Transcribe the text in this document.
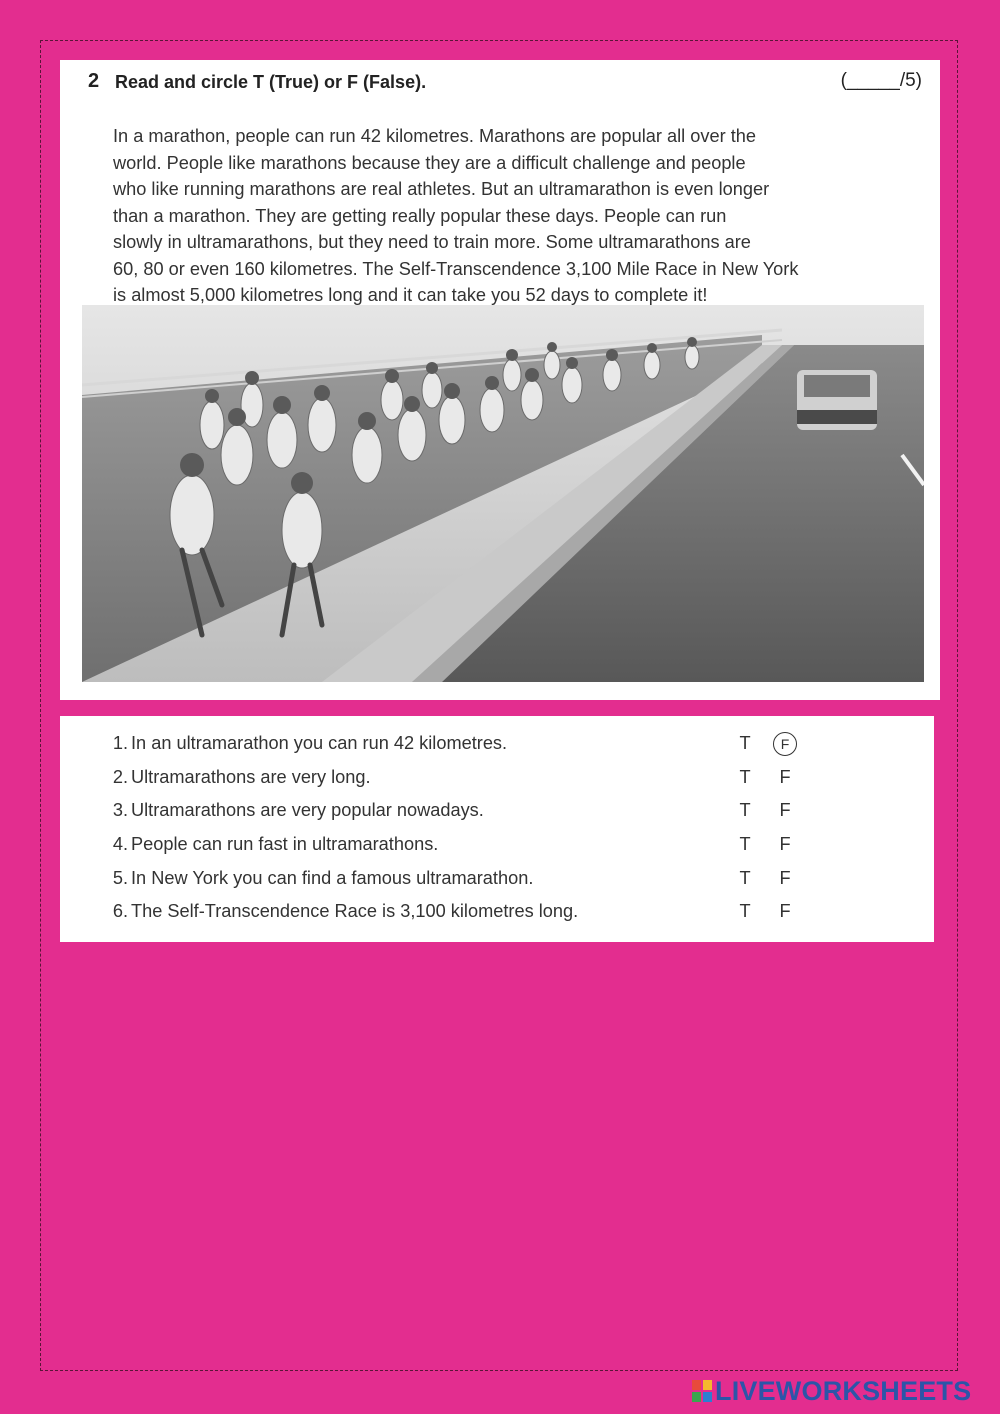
2 Read and circle T (True) or F (False).	(_____/5)

In a marathon, people can run 42 kilometres. Marathons are popular all over the

world. People like marathons because they are a difficult challenge and people

who like running marathons are real athletes. But an ultramarathon is even longer

than a marathon. They are getting really popular these days. People can run

slowly in ultramarathons, but they need to train more. Some ultramarathons are

60, 80 or even 160 kilometres. The Self-Transcendence 3,100 Mile Race in New York

is almost 5,000 kilometres long and it can take you 52 days to complete it!

1. In an ultramarathon you can run 42 kilometres.	T	F
2. Ultramarathons are very long.	T F
3. Ultramarathons are very popular nowadays.	T F
4. People can run fast in ultramarathons.	T F
5. In New York you can find a famous ultramarathon.	T F
6. The Self-Transcendence Race is 3,100 kilometres long.	T F
LIVEWORKSHEETS
